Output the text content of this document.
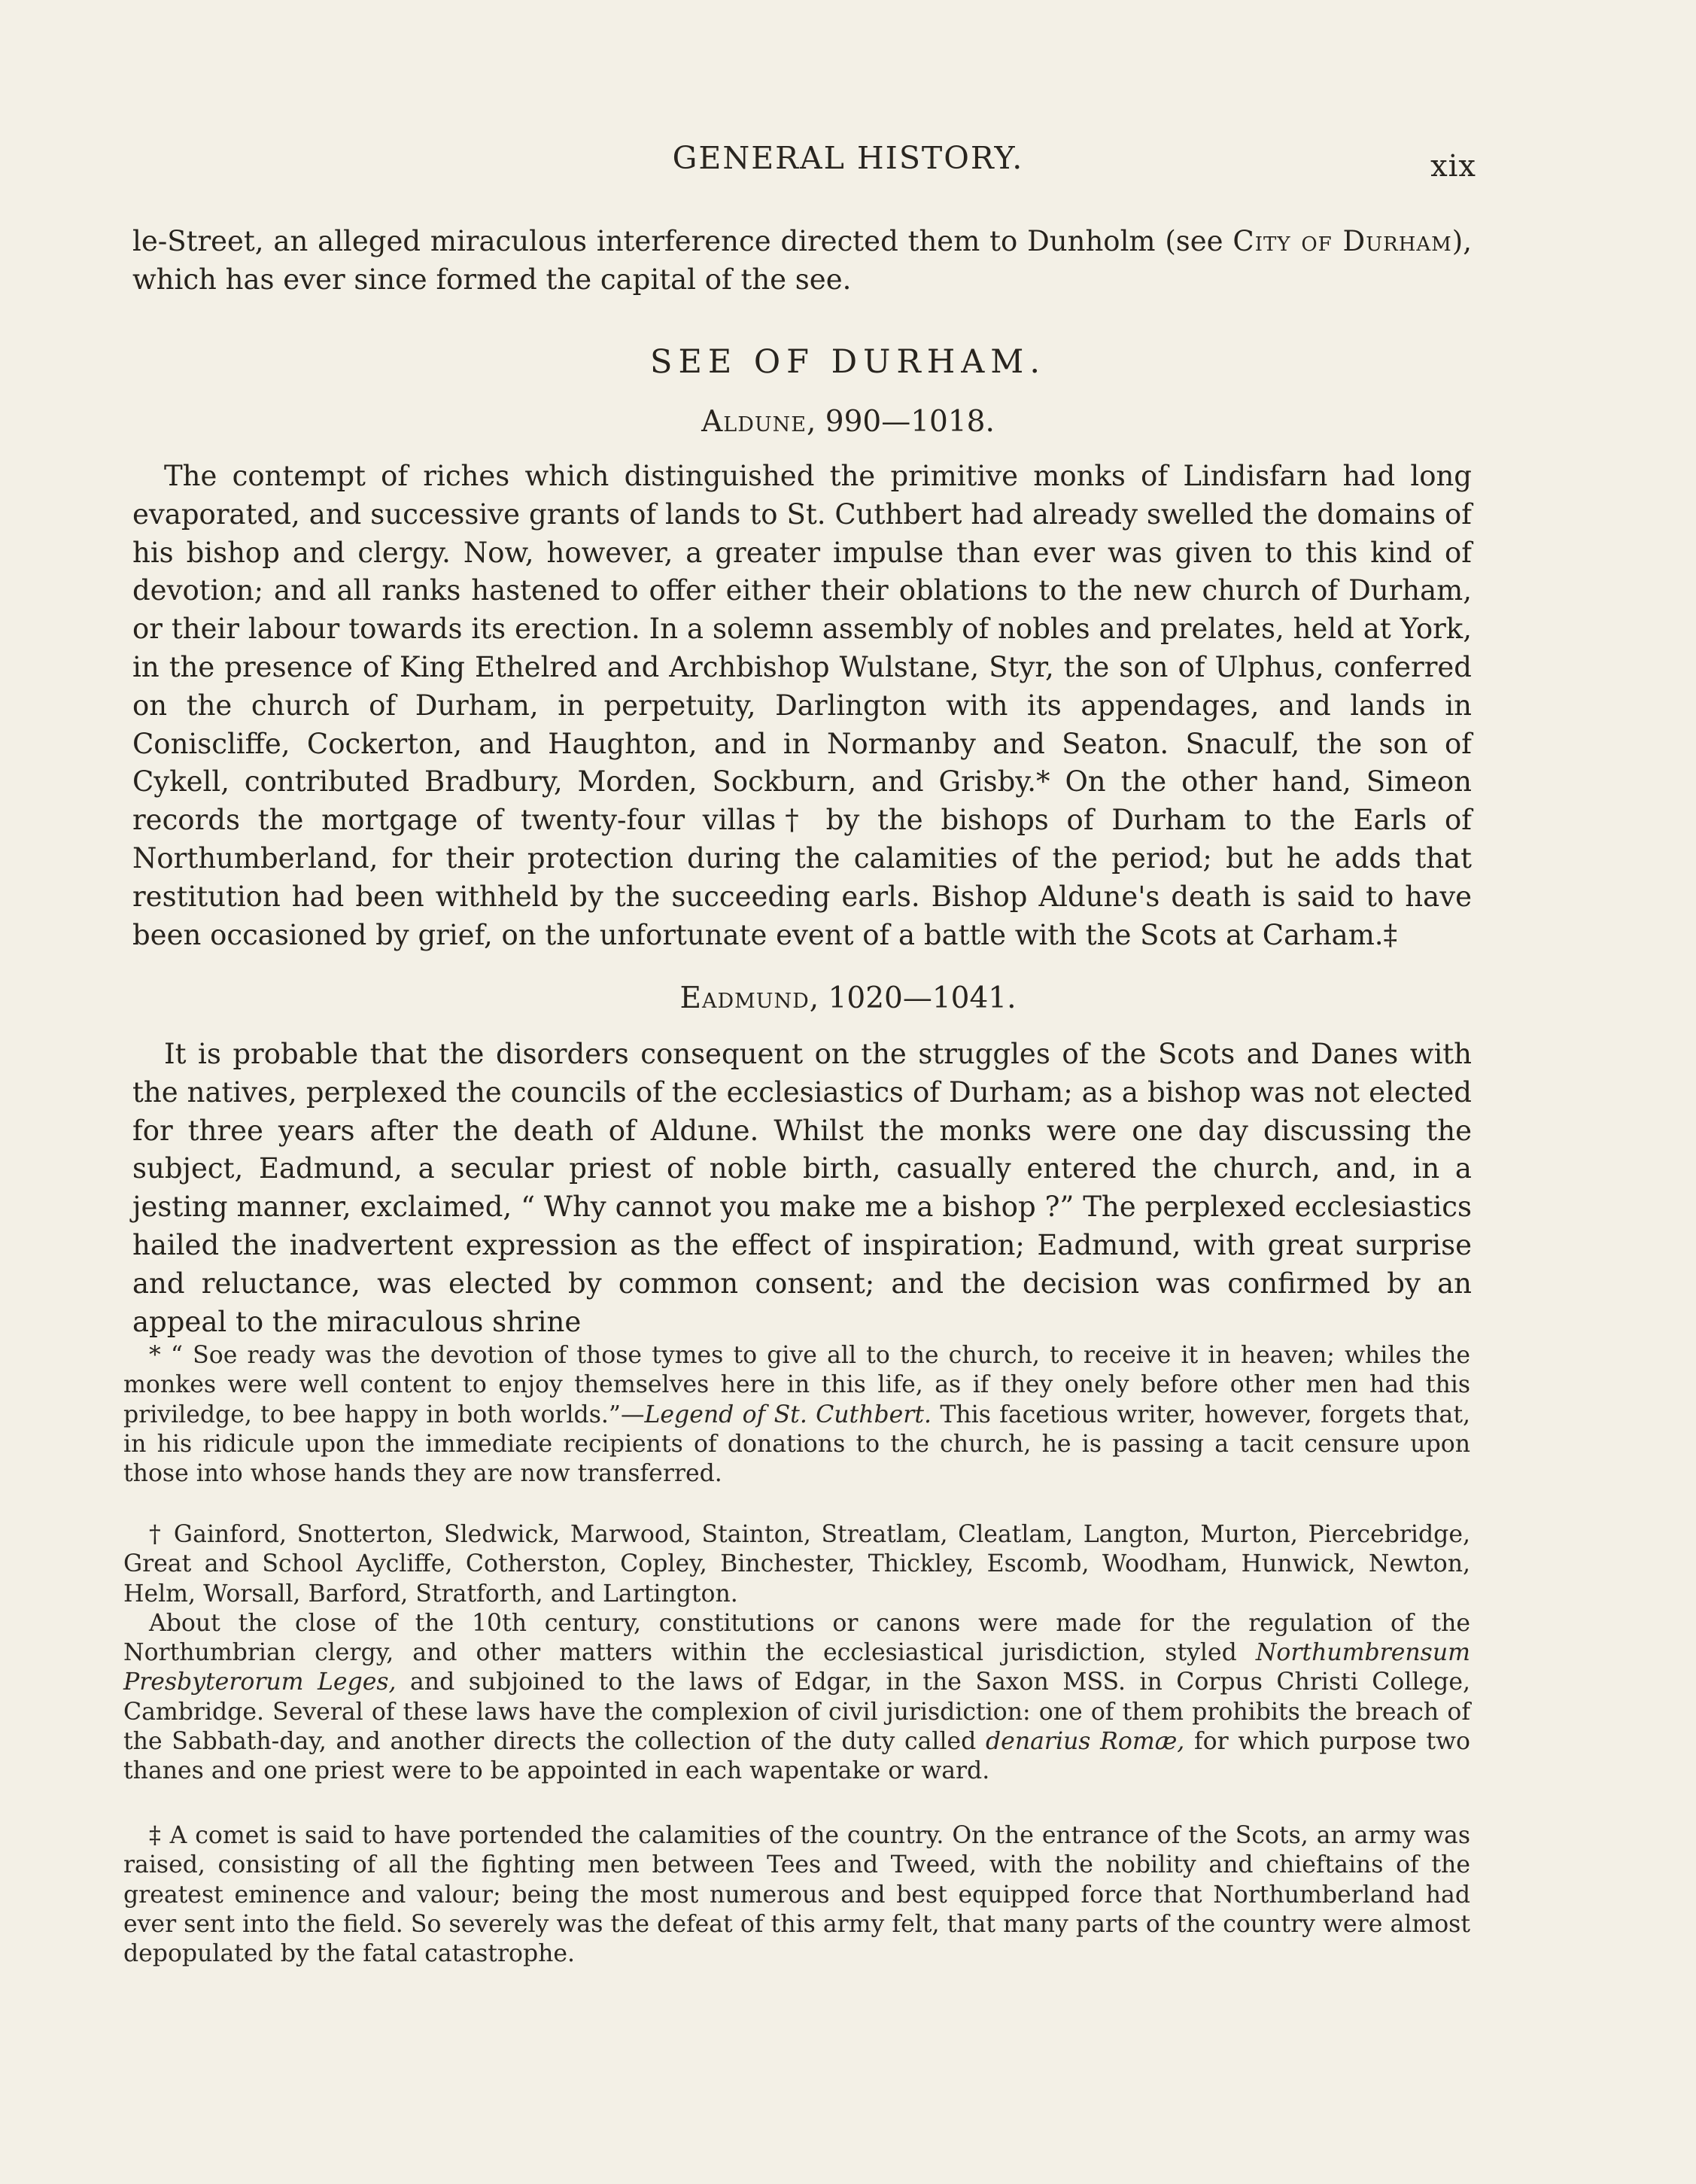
GENERAL HISTORY.	xix

le-Street, an alleged miraculous interference directed them to Dunholm (see City of Durham), which has ever since formed the capital of the see.

SEE OF DURHAM.
Aldune, 990—1018.

The contempt of riches which distinguished the primitive monks of Lindisfarn had long evaporated, and successive grants of lands to St. Cuthbert had already swelled the domains of his bishop and clergy. Now, however, a greater impulse than ever was given to this kind of devotion; and all ranks hastened to offer either their oblations to the new church of Durham, or their labour towards its erection. In a solemn assembly of nobles and prelates, held at York, in the presence of King Ethelred and Archbishop Wulstane, Styr, the son of Ulphus, conferred on the church of Durham, in perpetuity, Darlington with its appendages, and lands in Coniscliffe, Cockerton, and Haughton, and in Normanby and Seaton. Snaculf, the son of Cykell, contributed Bradbury, Morden, Sockburn, and Grisby.* On the other hand, Simeon records the mortgage of twenty-four villas† by the bishops of Durham to the Earls of Northumberland, for their protection during the calamities of the period; but he adds that restitution had been withheld by the succeeding earls. Bishop Aldune's death is said to have been occasioned by grief, on the unfortunate event of a battle with the Scots at Carham.‡

Eadmund, 1020—1041.

It is probable that the disorders consequent on the struggles of the Scots and Danes with the natives, perplexed the councils of the ecclesiastics of Durham; as a bishop was not elected for three years after the death of Aldune. Whilst the monks were one day discussing the subject, Eadmund, a secular priest of noble birth, casually entered the church, and, in a jesting manner, exclaimed, “ Why cannot you make me a bishop ?” The perplexed ecclesiastics hailed the inadvertent expression as the effect of inspiration; Eadmund, with great surprise and reluctance, was elected by common consent; and the decision was confirmed by an appeal to the miraculous shrine

* “ Soe ready was the devotion of those tymes to give all to the church, to receive it in heaven; whiles the monkes were well content to enjoy themselves here in this life, as if they onely before other men had this priviledge, to bee happy in both worlds.”—Legend of St. Cuthbert. This facetious writer, however, forgets that, in his ridicule upon the immediate recipients of donations to the church, he is passing a tacit censure upon those into whose hands they are now transferred.

† Gainford, Snotterton, Sledwick, Marwood, Stainton, Streatlam, Cleatlam, Langton, Murton, Piercebridge, Great and School Aycliffe, Cotherston, Copley, Binchester, Thickley, Escomb, Woodham, Hunwick, Newton, Helm, Worsall, Barford, Stratforth, and Lartington.

About the close of the 10th century, constitutions or canons were made for the regulation of the Northumbrian clergy, and other matters within the ecclesiastical jurisdiction, styled Northumbrensum Presbyterorum Leges, and subjoined to the laws of Edgar, in the Saxon MSS. in Corpus Christi College, Cambridge. Several of these laws have the complexion of civil jurisdiction: one of them prohibits the breach of the Sabbath-day, and another directs the collection of the duty called denarius Romæ, for which purpose two thanes and one priest were to be appointed in each wapentake or ward.

‡ A comet is said to have portended the calamities of the country. On the entrance of the Scots, an army was raised, consisting of all the fighting men between Tees and Tweed, with the nobility and chieftains of the greatest eminence and valour; being the most numerous and best equipped force that Northumberland had ever sent into the field. So severely was the defeat of this army felt, that many parts of the country were almost depopulated by the fatal catastrophe.
